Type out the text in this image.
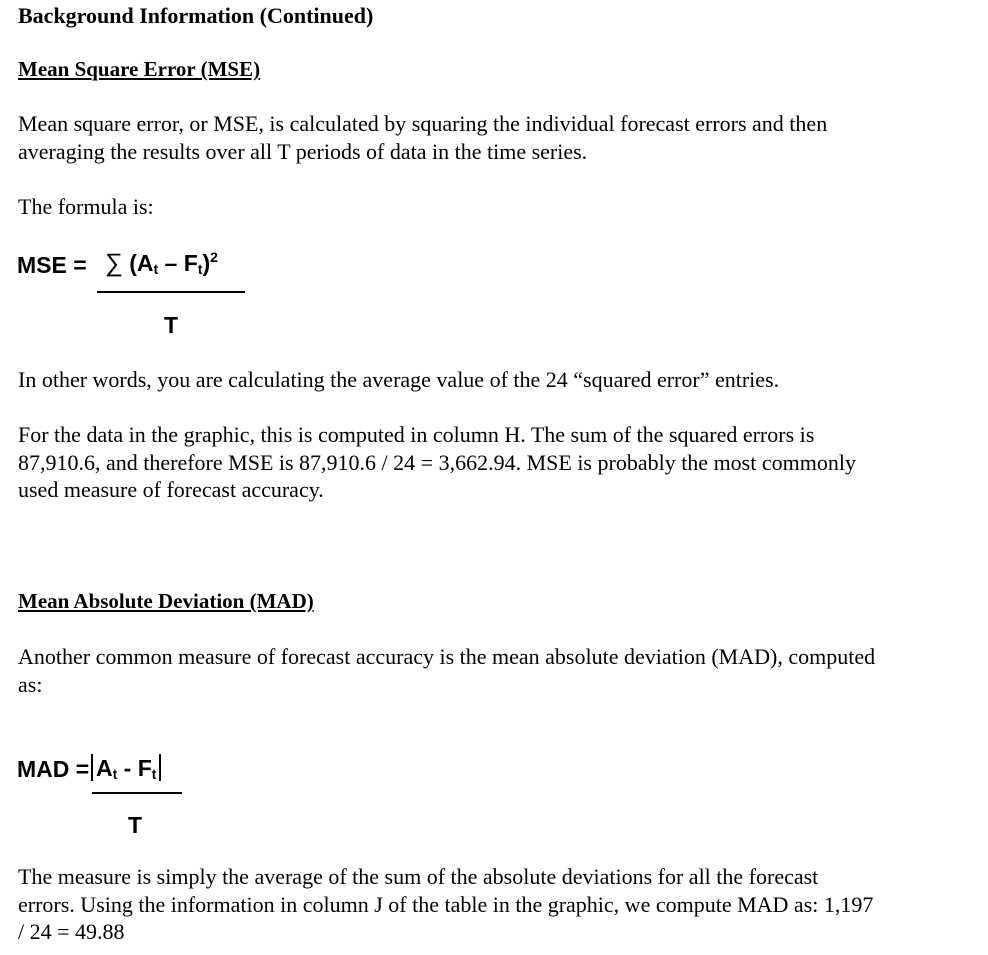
Background Information (Continued)
Mean Square Error (MSE)
Mean square error, or MSE, is calculated by squaring the individual forecast errors and then
averaging the results over all T periods of data in the time series.
The formula is:
MSE = ∑ $(A_t - F_t)^2$
T
In other words, you are calculating the average value of the 24 “squared error” entries.
For the data in the graphic, this is computed in column H. The sum of the squared errors is
87,910.6, and therefore MSE is 87,910.6 / 24 = 3,662.94. MSE is probably the most commonly
used measure of forecast accuracy.
Mean Absolute Deviation (MAD)
Another common measure of forecast accuracy is the mean absolute deviation (MAD), computed
as:
MAD = $A_t - F_t$
T
The measure is simply the average of the sum of the absolute deviations for all the forecast
errors. Using the information in column J of the table in the graphic, we compute MAD as: 1,197
/ 24 = 49.88
